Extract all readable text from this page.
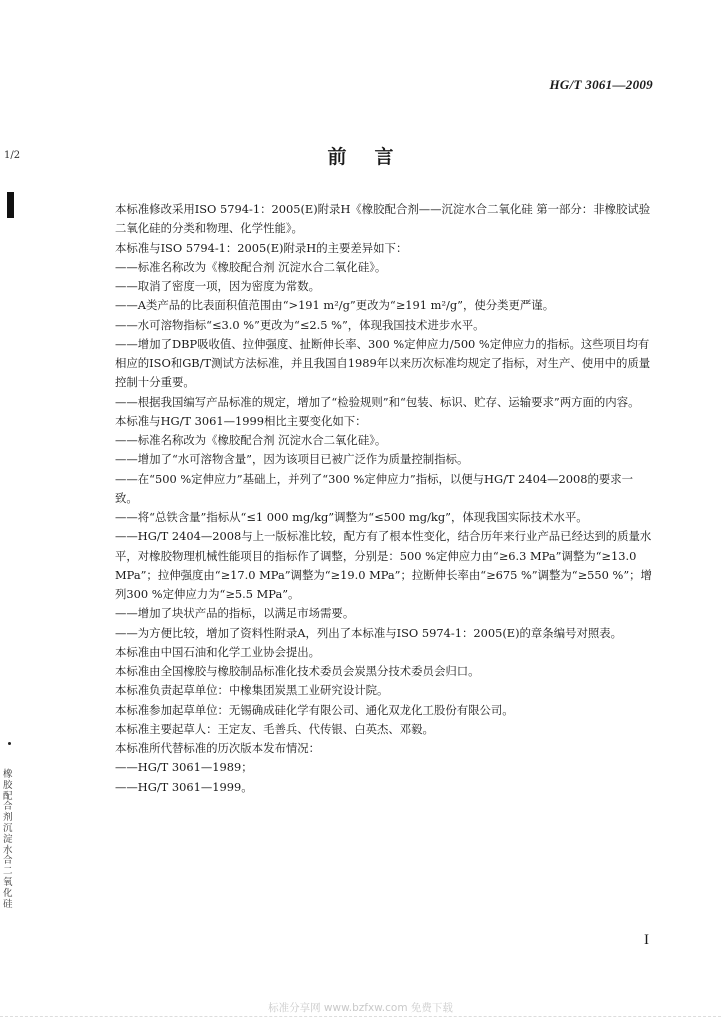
HG/T 3061—2009
1/2
橡胶配合剂 沉淀水合二氧化硅
前言

本标准修改采用ISO 5794-1：2005(E)附录H《橡胶配合剂——沉淀水合二氧化硅 第一部分：非橡胶试验 二氧化硅的分类和物理、化学性能》。

本标准与ISO 5794-1：2005(E)附录H的主要差异如下：

——标准名称改为《橡胶配合剂 沉淀水合二氧化硅》。

——取消了密度一项，因为密度为常数。

——A类产品的比表面积值范围由“>191 m²/g”更改为“≥191 m²/g”，使分类更严谨。

——水可溶物指标“≤3.0 %”更改为“≤2.5 %”，体现我国技术进步水平。

——增加了DBP吸收值、拉伸强度、扯断伸长率、300 %定伸应力/500 %定伸应力的指标。这些项目均有相应的ISO和GB/T测试方法标准，并且我国自1989年以来历次标准均规定了指标，对生产、使用中的质量控制十分重要。

——根据我国编写产品标准的规定，增加了“检验规则”和“包装、标识、贮存、运输要求”两方面的内容。

本标准与HG/T 3061—1999相比主要变化如下：

——标准名称改为《橡胶配合剂 沉淀水合二氧化硅》。

——增加了“水可溶物含量”，因为该项目已被广泛作为质量控制指标。

——在“500 %定伸应力”基础上，并列了“300 %定伸应力”指标，以便与HG/T 2404—2008的要求一致。

——将“总铁含量”指标从“≤1 000 mg/kg”调整为“≤500 mg/kg”，体现我国实际技术水平。

——HG/T 2404—2008与上一版标准比较，配方有了根本性变化，结合历年来行业产品已经达到的质量水平，对橡胶物理机械性能项目的指标作了调整，分别是：500 %定伸应力由“≥6.3 MPa”调整为“≥13.0 MPa”；拉伸强度由“≥17.0 MPa”调整为“≥19.0 MPa”；拉断伸长率由“≥675 %”调整为“≥550 %”；增列300 %定伸应力为“≥5.5 MPa”。

——增加了块状产品的指标，以满足市场需要。

——为方便比较，增加了资料性附录A，列出了本标准与ISO 5974-1：2005(E)的章条编号对照表。

本标准由中国石油和化学工业协会提出。

本标准由全国橡胶与橡胶制品标准化技术委员会炭黑分技术委员会归口。

本标准负责起草单位：中橡集团炭黑工业研究设计院。

本标准参加起草单位：无锡确成硅化学有限公司、通化双龙化工股份有限公司。

本标准主要起草人：王定友、毛善兵、代传银、白英杰、邓毅。

本标准所代替标准的历次版本发布情况：

——HG/T 3061—1989；

——HG/T 3061—1999。

I
标准分享网 www.bzfxw.com 免费下载
